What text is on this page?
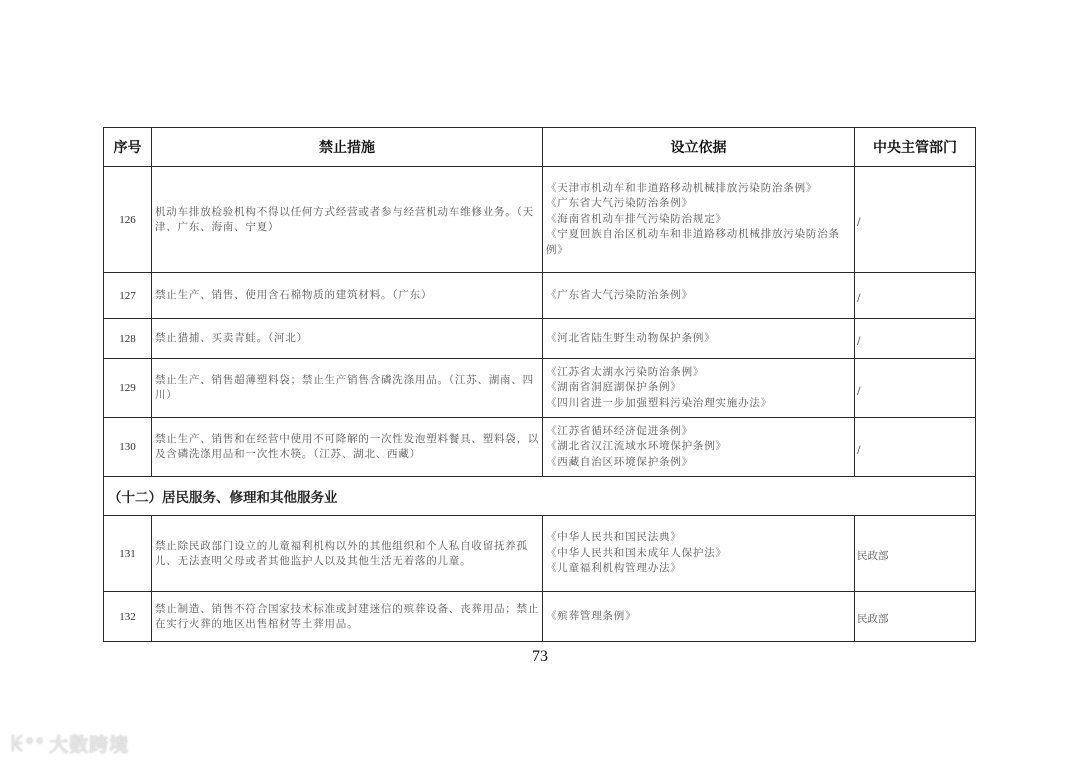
序号	禁止措施	设立依据	中央主管部门
126	机动车排放检验机构不得以任何方式经营或者参与经营机动车维修业务。（天津、广东、海南、宁夏）	《天津市机动车和非道路移动机械排放污染防治条例》
《广东省大气污染防治条例》
《海南省机动车排气污染防治规定》
《宁夏回族自治区机动车和非道路移动机械排放污染防治条例》	/
127	禁止生产、销售、使用含石棉物质的建筑材料。（广东）	《广东省大气污染防治条例》	/
128	禁止猎捕、买卖青蛙。（河北）	《河北省陆生野生动物保护条例》	/
129	禁止生产、销售超薄塑料袋；禁止生产销售含磷洗涤用品。（江苏、湖南、四川）	《江苏省太湖水污染防治条例》
《湖南省洞庭湖保护条例》
《四川省进一步加强塑料污染治理实施办法》	/
130	禁止生产、销售和在经营中使用不可降解的一次性发泡塑料餐具、塑料袋，以及含磷洗涤用品和一次性木筷。（江苏、湖北、西藏）	《江苏省循环经济促进条例》
《湖北省汉江流域水环境保护条例》
《西藏自治区环境保护条例》	/
（十二）居民服务、修理和其他服务业			
131	禁止除民政部门设立的儿童福利机构以外的其他组织和个人私自收留抚养孤儿、无法查明父母或者其他监护人以及其他生活无着落的儿童。	《中华人民共和国民法典》
《中华人民共和国未成年人保护法》
《儿童福利机构管理办法》	民政部
132	禁止制造、销售不符合国家技术标准或封建迷信的殡葬设备、丧葬用品；禁止在实行火葬的地区出售棺材等土葬用品。	《殡葬管理条例》	民政部
73
ꀘ°° 大数跨境
